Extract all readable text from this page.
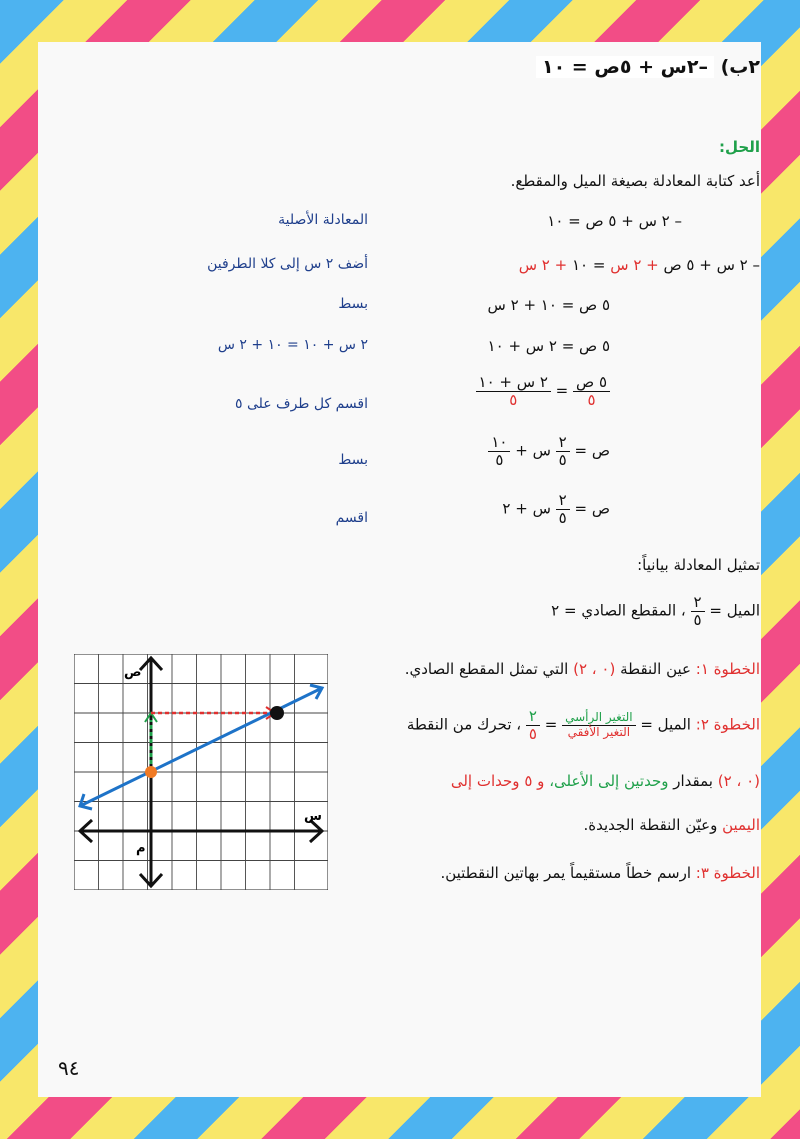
٢ب) –٢س + ٥ص = ١٠
الحل:
أعد كتابة المعادلة بصيغة الميل والمقطع.
– ٢ س + ٥ ص = ١٠
المعادلة الأصلية
– ٢ س + ٥ ص + ٢ س = ١٠ + ٢ س
أضف ٢ س إلى كلا الطرفين
٥ ص = ١٠ + ٢ س
بسط
٥ ص = ٢ س + ١٠
٢ س + ١٠ = ١٠ + ٢ س
$\frac{\text{٥ ص}}{٥}$
=
$\frac{\text{٢ س + ١٠}}{٥}$
اقسم كل طرف على ٥
ص =
$\frac{٢}{٥}$
س +
$\frac{١٠}{٥}$
بسط
ص =
$\frac{٢}{٥}$
س + ٢
اقسم
تمثيل المعادلة بيانياً:
الميل =
$\frac{٢}{٥}$
، المقطع الصادي = ٢
الخطوة ١: عين النقطة (٠ ، ٢) التي تمثل المقطع الصادي.
الخطوة ٢: الميل =
$\frac{\text{التغير الرأسي}}{\text{التغير الأفقي}}$
=
$\frac{٢}{٥}$
، تحرك من النقطة
(٠ ، ٢) بمقدار وحدتين إلى الأعلى، و ٥ وحدات إلى
اليمين وعيّن النقطة الجديدة.
الخطوة ٣: ارسم خطاً مستقيماً يمر بهاتين النقطتين.
ص
س
م
٩٤
